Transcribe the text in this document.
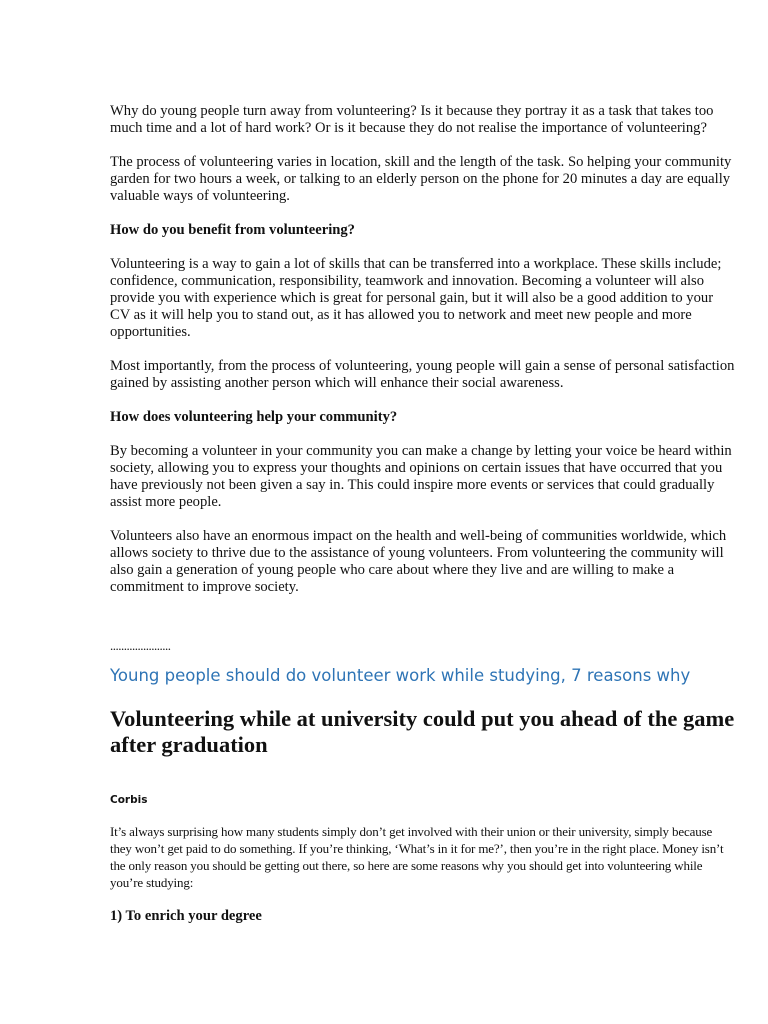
Why do young people turn away from volunteering? Is it because they portray it as a task that takes too much time and a lot of hard work? Or is it because they do not realise the importance of volunteering?

The process of volunteering varies in location, skill and the length of the task. So helping your community garden for two hours a week, or talking to an elderly person on the phone for 20 minutes a day are equally valuable ways of volunteering.

How do you benefit from volunteering?

Volunteering is a way to gain a lot of skills that can be transferred into a workplace. These skills include; confidence, communication, responsibility, teamwork and innovation. Becoming a volunteer will also provide you with experience which is great for personal gain, but it will also be a good addition to your CV as it will help you to stand out, as it has allowed you to network and meet new people and more opportunities.

Most importantly, from the process of volunteering, young people will gain a sense of personal satisfaction gained by assisting another person which will enhance their social awareness.

How does volunteering help your community?

By becoming a volunteer in your community you can make a change by letting your voice be heard within society, allowing you to express your thoughts and opinions on certain issues that have occurred that you have previously not been given a say in. This could inspire more events or services that could gradually assist more people.

Volunteers also have an enormous impact on the health and well-being of communities worldwide, which allows society to thrive due to the assistance of young volunteers. From volunteering the community will also gain a generation of young people who care about where they live and are willing to make a commitment to improve society.

......................

Young people should do volunteer work while studying, 7 reasons why

Volunteering while at university could put you ahead of the game after graduation

Corbis

It’s always surprising how many students simply don’t get involved with their union or their university, simply because they won’t get paid to do something. If you’re thinking, ‘What’s in it for me?’, then you’re in the right place. Money isn’t the only reason you should be getting out there, so here are some reasons why you should get into volunteering while you’re studying:

1) To enrich your degree
